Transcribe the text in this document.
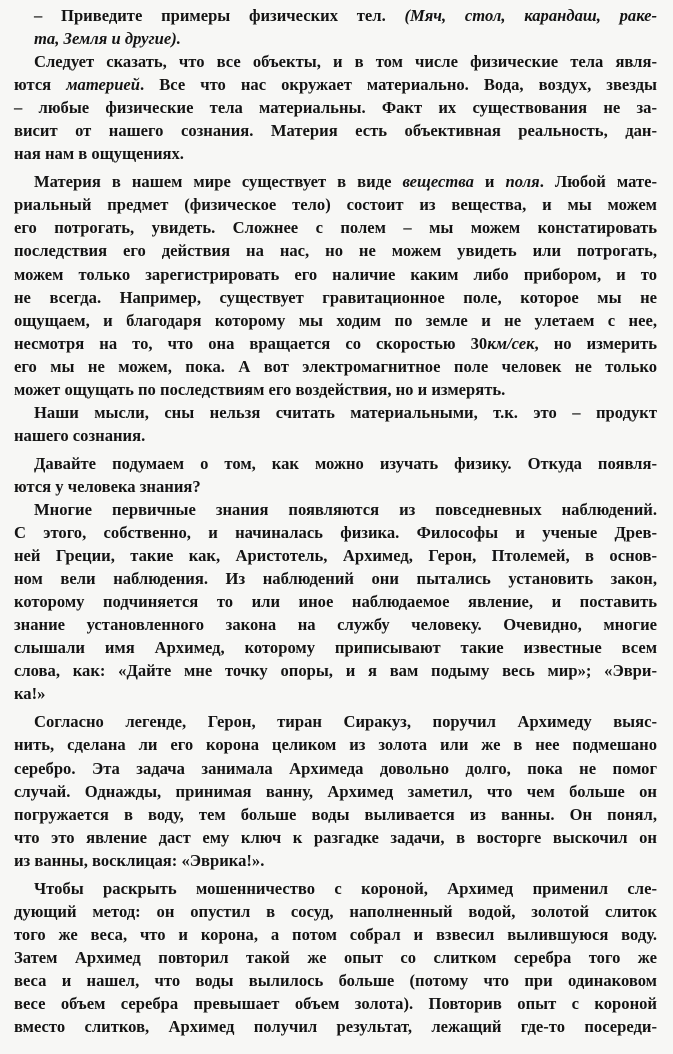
– Приведите примеры физических тел. (Мяч, стол, карандаш, раке-
та, Земля и другие).
Следует сказать, что все объекты, и в том числе физические тела явля-
ются материей. Все что нас окружает материально. Вода, воздух, звезды
– любые физические тела материальны. Факт их существования не за-
висит от нашего сознания. Материя есть объективная реальность, дан-
ная нам в ощущениях.
Материя в нашем мире существует в виде вещества и поля. Любой мате-
риальный предмет (физическое тело) состоит из вещества, и мы можем
его потрогать, увидеть. Сложнее с полем – мы можем констатировать
последствия его действия на нас, но не можем увидеть или потрогать,
можем только зарегистрировать его наличие каким либо прибором, и то
не всегда. Например, существует гравитационное поле, которое мы не
ощущаем, и благодаря которому мы ходим по земле и не улетаем с нее,
несмотря на то, что она вращается со скоростью 30км/сек, но измерить
его мы не можем, пока. А вот электромагнитное поле человек не только
может ощущать по последствиям его воздействия, но и измерять.
Наши мысли, сны нельзя считать материальными, т.к. это – продукт
нашего сознания.
Давайте подумаем о том, как можно изучать физику. Откуда появля-
ются у человека знания?
Многие первичные знания появляются из повседневных наблюдений.
С этого, собственно, и начиналась физика. Философы и ученые Древ-
ней Греции, такие как, Аристотель, Архимед, Герон, Птолемей, в основ-
ном вели наблюдения. Из наблюдений они пытались установить закон,
которому подчиняется то или иное наблюдаемое явление, и поставить
знание установленного закона на службу человеку. Очевидно, многие
слышали имя Архимед, которому приписывают такие известные всем
слова, как: «Дайте мне точку опоры, и я вам подыму весь мир»; «Эври-
ка!»
Согласно легенде, Герон, тиран Сиракуз, поручил Архимеду выяс-
нить, сделана ли его корона целиком из золота или же в нее подмешано
серебро. Эта задача занимала Архимеда довольно долго, пока не помог
случай. Однажды, принимая ванну, Архимед заметил, что чем больше он
погружается в воду, тем больше воды выливается из ванны. Он понял,
что это явление даст ему ключ к разгадке задачи, в восторге выскочил он
из ванны, восклицая: «Эврика!».
Чтобы раскрыть мошенничество с короной, Архимед применил сле-
дующий метод: он опустил в сосуд, наполненный водой, золотой слиток
того же веса, что и корона, а потом собрал и взвесил вылившуюся воду.
Затем Архимед повторил такой же опыт со слитком серебра того же
веса и нашел, что воды вылилось больше (потому что при одинаковом
весе объем серебра превышает объем золота). Повторив опыт с короной
вместо слитков, Архимед получил результат, лежащий где-то посереди-
